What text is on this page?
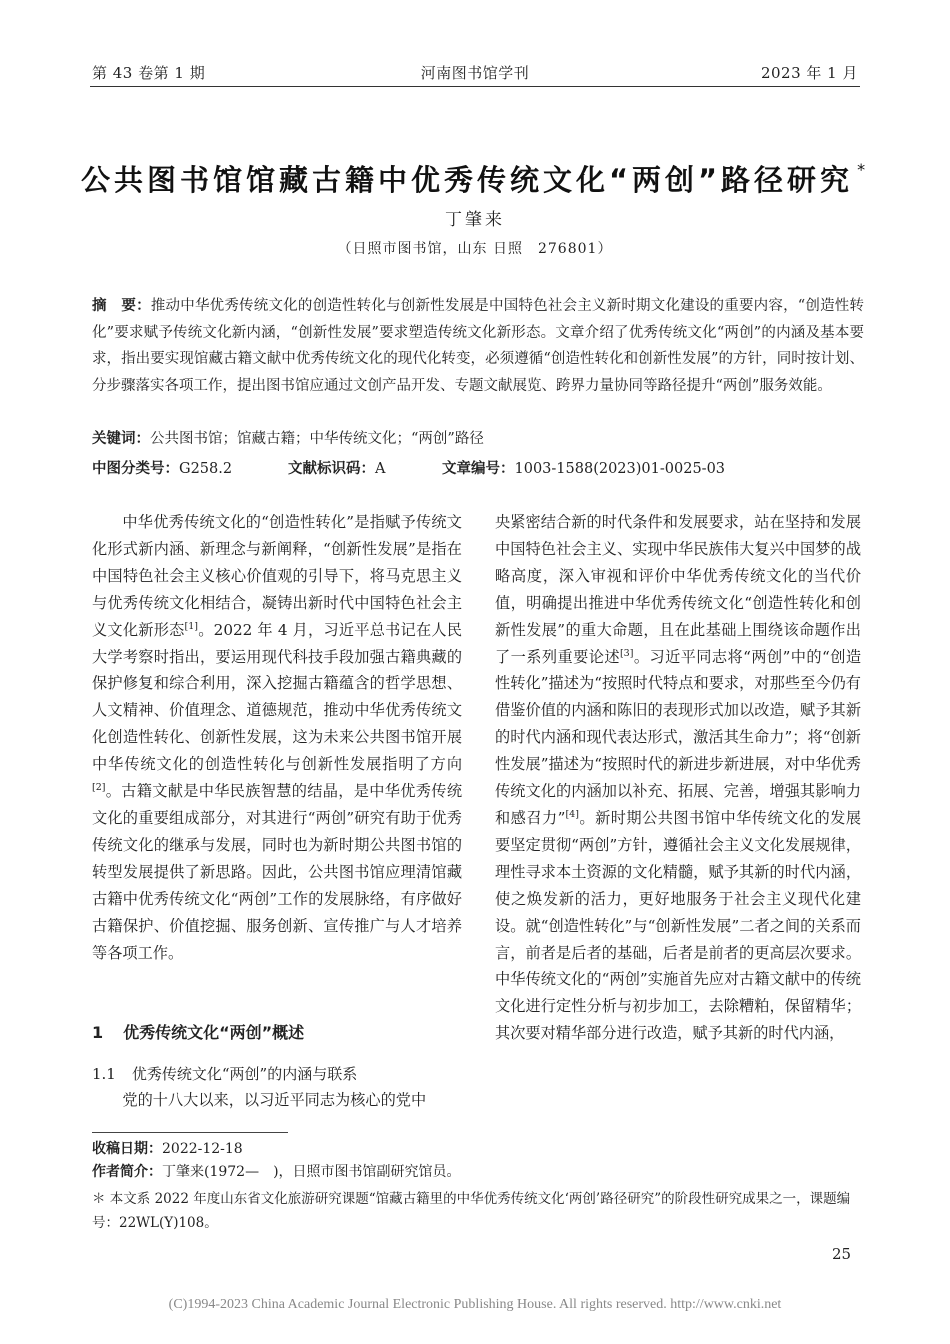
第 43 卷第 1 期	河南图书馆学刊	2023 年 1 月
公共图书馆馆藏古籍中优秀传统文化“两创”路径研究 *
丁肇来
（日照市图书馆，山东 日照　276801）
摘　要：推动中华优秀传统文化的创造性转化与创新性发展是中国特色社会主义新时期文化建设的重要内容，“创造性转化”要求赋予传统文化新内涵，“创新性发展”要求塑造传统文化新形态。文章介绍了优秀传统文化“两创”的内涵及基本要求，指出要实现馆藏古籍文献中优秀传统文化的现代化转变，必须遵循“创造性转化和创新性发展”的方针，同时按计划、分步骤落实各项工作，提出图书馆应通过文创产品开发、专题文献展览、跨界力量协同等路径提升“两创”服务效能。
关键词：公共图书馆；馆藏古籍；中华传统文化；“两创”路径
中图分类号：G258.2	文献标识码：A	文章编号：1003-1588(2023)01-0025-03

中华优秀传统文化的“创造性转化”是指赋予传统文化形式新内涵、新理念与新阐释，“创新性发展”是指在中国特色社会主义核心价值观的引导下，将马克思主义与优秀传统文化相结合，凝铸出新时代中国特色社会主义文化新形态[1]。2022 年 4 月，习近平总书记在人民大学考察时指出，要运用现代科技手段加强古籍典藏的保护修复和综合利用，深入挖掘古籍蕴含的哲学思想、人文精神、价值理念、道德规范，推动中华优秀传统文化创造性转化、创新性发展，这为未来公共图书馆开展中华传统文化的创造性转化与创新性发展指明了方向[2]。古籍文献是中华民族智慧的结晶，是中华优秀传统文化的重要组成部分，对其进行“两创”研究有助于优秀传统文化的继承与发展，同时也为新时期公共图书馆的转型发展提供了新思路。因此，公共图书馆应理清馆藏古籍中优秀传统文化“两创”工作的发展脉络，有序做好古籍保护、价值挖掘、服务创新、宣传推广与人才培养等各项工作。

1 优秀传统文化“两创”概述
1.1 优秀传统文化“两创”的内涵与联系
党的十八大以来，以习近平同志为核心的党中

央紧密结合新的时代条件和发展要求，站在坚持和发展中国特色社会主义、实现中华民族伟大复兴中国梦的战略高度，深入审视和评价中华优秀传统文化的当代价值，明确提出推进中华优秀传统文化“创造性转化和创新性发展”的重大命题，且在此基础上围绕该命题作出了一系列重要论述[3]。习近平同志将“两创”中的“创造性转化”描述为“按照时代特点和要求，对那些至今仍有借鉴价值的内涵和陈旧的表现形式加以改造，赋予其新的时代内涵和现代表达形式，激活其生命力”；将“创新性发展”描述为“按照时代的新进步新进展，对中华优秀传统文化的内涵加以补充、拓展、完善，增强其影响力和感召力”[4]。新时期公共图书馆中华传统文化的发展要坚定贯彻“两创”方针，遵循社会主义文化发展规律，理性寻求本土资源的文化精髓，赋予其新的时代内涵，使之焕发新的活力，更好地服务于社会主义现代化建设。就“创造性转化”与“创新性发展”二者之间的关系而言，前者是后者的基础，后者是前者的更高层次要求。中华传统文化的“两创”实施首先应对古籍文献中的传统文化进行定性分析与初步加工，去除糟粕，保留精华；其次要对精华部分进行改造，赋予其新的时代内涵，

收稿日期：2022-12-18
作者简介：丁肇来(1972—　)，日照市图书馆副研究馆员。
＊ 本文系 2022 年度山东省文化旅游研究课题“馆藏古籍里的中华优秀传统文化‘两创’路径研究”的阶段性研究成果之一，课题编号：22WL(Y)108。
25
(C)1994-2023 China Academic Journal Electronic Publishing House. All rights reserved. http://www.cnki.net
